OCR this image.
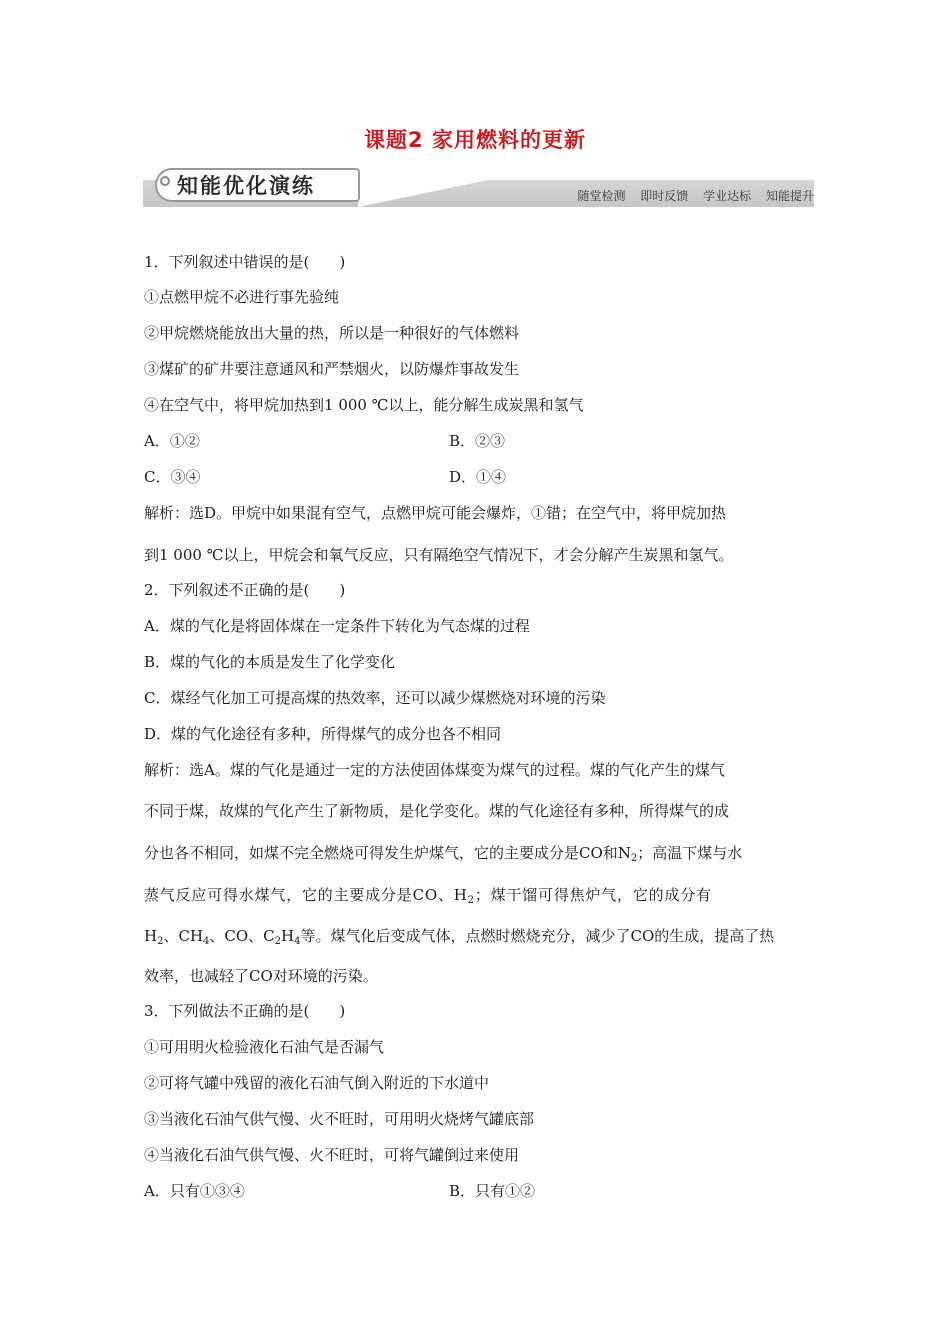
课题2 家用燃料的更新
知能优化演练	随堂检测 即时反馈 学业达标 知能提升
1．下列叙述中错误的是(　　)
①点燃甲烷不必进行事先验纯
②甲烷燃烧能放出大量的热，所以是一种很好的气体燃料
③煤矿的矿井要注意通风和严禁烟火，以防爆炸事故发生
④在空气中，将甲烷加热到1 000 ℃以上，能分解生成炭黑和氢气
A．①②	B．②③
C．③④	D．①④
解析：选D。甲烷中如果混有空气，点燃甲烷可能会爆炸，①错；在空气中，将甲烷加热
到1 000 ℃以上，甲烷会和氧气反应，只有隔绝空气情况下，才会分解产生炭黑和氢气。
2．下列叙述不正确的是(　　)
A．煤的气化是将固体煤在一定条件下转化为气态煤的过程
B．煤的气化的本质是发生了化学变化
C．煤经气化加工可提高煤的热效率，还可以减少煤燃烧对环境的污染
D．煤的气化途径有多种，所得煤气的成分也各不相同
解析：选A。煤的气化是通过一定的方法使固体煤变为煤气的过程。煤的气化产生的煤气
不同于煤，故煤的气化产生了新物质，是化学变化。煤的气化途径有多种，所得煤气的成
分也各不相同，如煤不完全燃烧可得发生炉煤气，它的主要成分是CO和$N_2$；高温下煤与水
蒸气反应可得水煤气，它的主要成分是CO、$H_2$；煤干馏可得焦炉气，它的成分有
$H_2$、$CH_4$、CO、$C_2H_4$等。煤气化后变成气体，点燃时燃烧充分，减少了CO的生成，提高了热
效率，也减轻了CO对环境的污染。
3．下列做法不正确的是(　　)
①可用明火检验液化石油气是否漏气
②可将气罐中残留的液化石油气倒入附近的下水道中
③当液化石油气供气慢、火不旺时，可用明火烧烤气罐底部
④当液化石油气供气慢、火不旺时，可将气罐倒过来使用
A．只有①③④	B．只有①②
